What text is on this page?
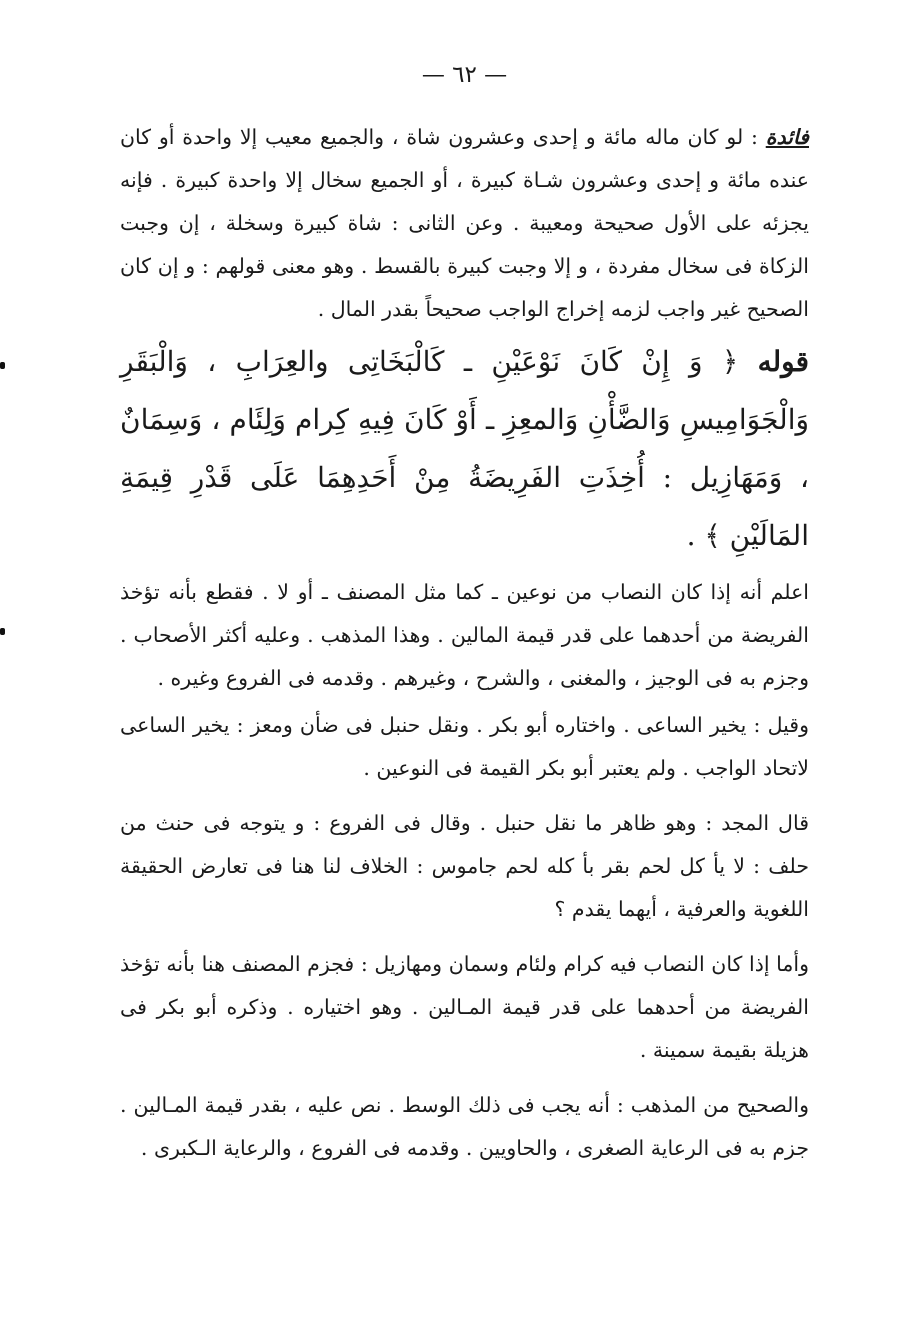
— ٦٢ —

فائدة : لو كان ماله مائة و إحدى وعشرون شاة ، والجميع معيب إلا واحدة أو كان عنده مائة و إحدى وعشرون شـاة كبيرة ، أو الجميع سخال إلا واحدة كبيرة . فإنه يجزئه على الأول صحيحة ومعيبة . وعن الثانى : شاة كبيرة وسخلة ، إن وجبت الزكاة فى سخال مفردة ، و إلا وجبت كبيرة بالقسط . وهو معنى قولهم : و إن كان الصحيح غير واجب لزمه إخراج الواجب صحيحاً بقدر المال .

قوله ﴿ وَ إِنْ كَانَ نَوْعَيْنِ ـ كَالْبَخَاتِى والعِرَابِ ، وَالْبَقَرِ وَالْجَوَامِيسِ وَالضَّأْنِ وَالمعِزِ ـ أَوْ كَانَ فِيهِ كِرام وَلِئَام ، وَسِمَانٌ ، وَمَهَازِيل : أُخِذَتِ الفَرِيضَةُ مِنْ أَحَدِهِمَا عَلَى قَدْرِ قِيمَةِ المَالَيْنِ ﴾ .

اعلم أنه إذا كان النصاب من نوعين ـ كما مثل المصنف ـ أو لا . فقطع بأنه تؤخذ الفريضة من أحدهما على قدر قيمة المالين . وهذا المذهب . وعليه أكثر الأصحاب . وجزم به فى الوجيز ، والمغنى ، والشرح ، وغيرهم . وقدمه فى الفروع وغيره .

وقيل : يخير الساعى . واختاره أبو بكر . ونقل حنبل فى ضأن ومعز : يخير الساعى لاتحاد الواجب . ولم يعتبر أبو بكر القيمة فى النوعين .

قال المجد : وهو ظاهر ما نقل حنبل . وقال فى الفروع : و يتوجه فى حنث من حلف : لا يأ كل لحم بقر بأ كله لحم جاموس : الخلاف لنا هنا فى تعارض الحقيقة اللغوية والعرفية ، أيهما يقدم ؟

وأما إذا كان النصاب فيه كرام ولئام وسمان ومهازيل : فجزم المصنف هنا بأنه تؤخذ الفريضة من أحدهما على قدر قيمة المـالين . وهو اختياره . وذكره أبو بكر فى هزيلة بقيمة سمينة .

والصحيح من المذهب : أنه يجب فى ذلك الوسط . نص عليه ، بقدر قيمة المـالين . جزم به فى الرعاية الصغرى ، والحاويين . وقدمه فى الفروع ، والرعاية الـكبرى .
